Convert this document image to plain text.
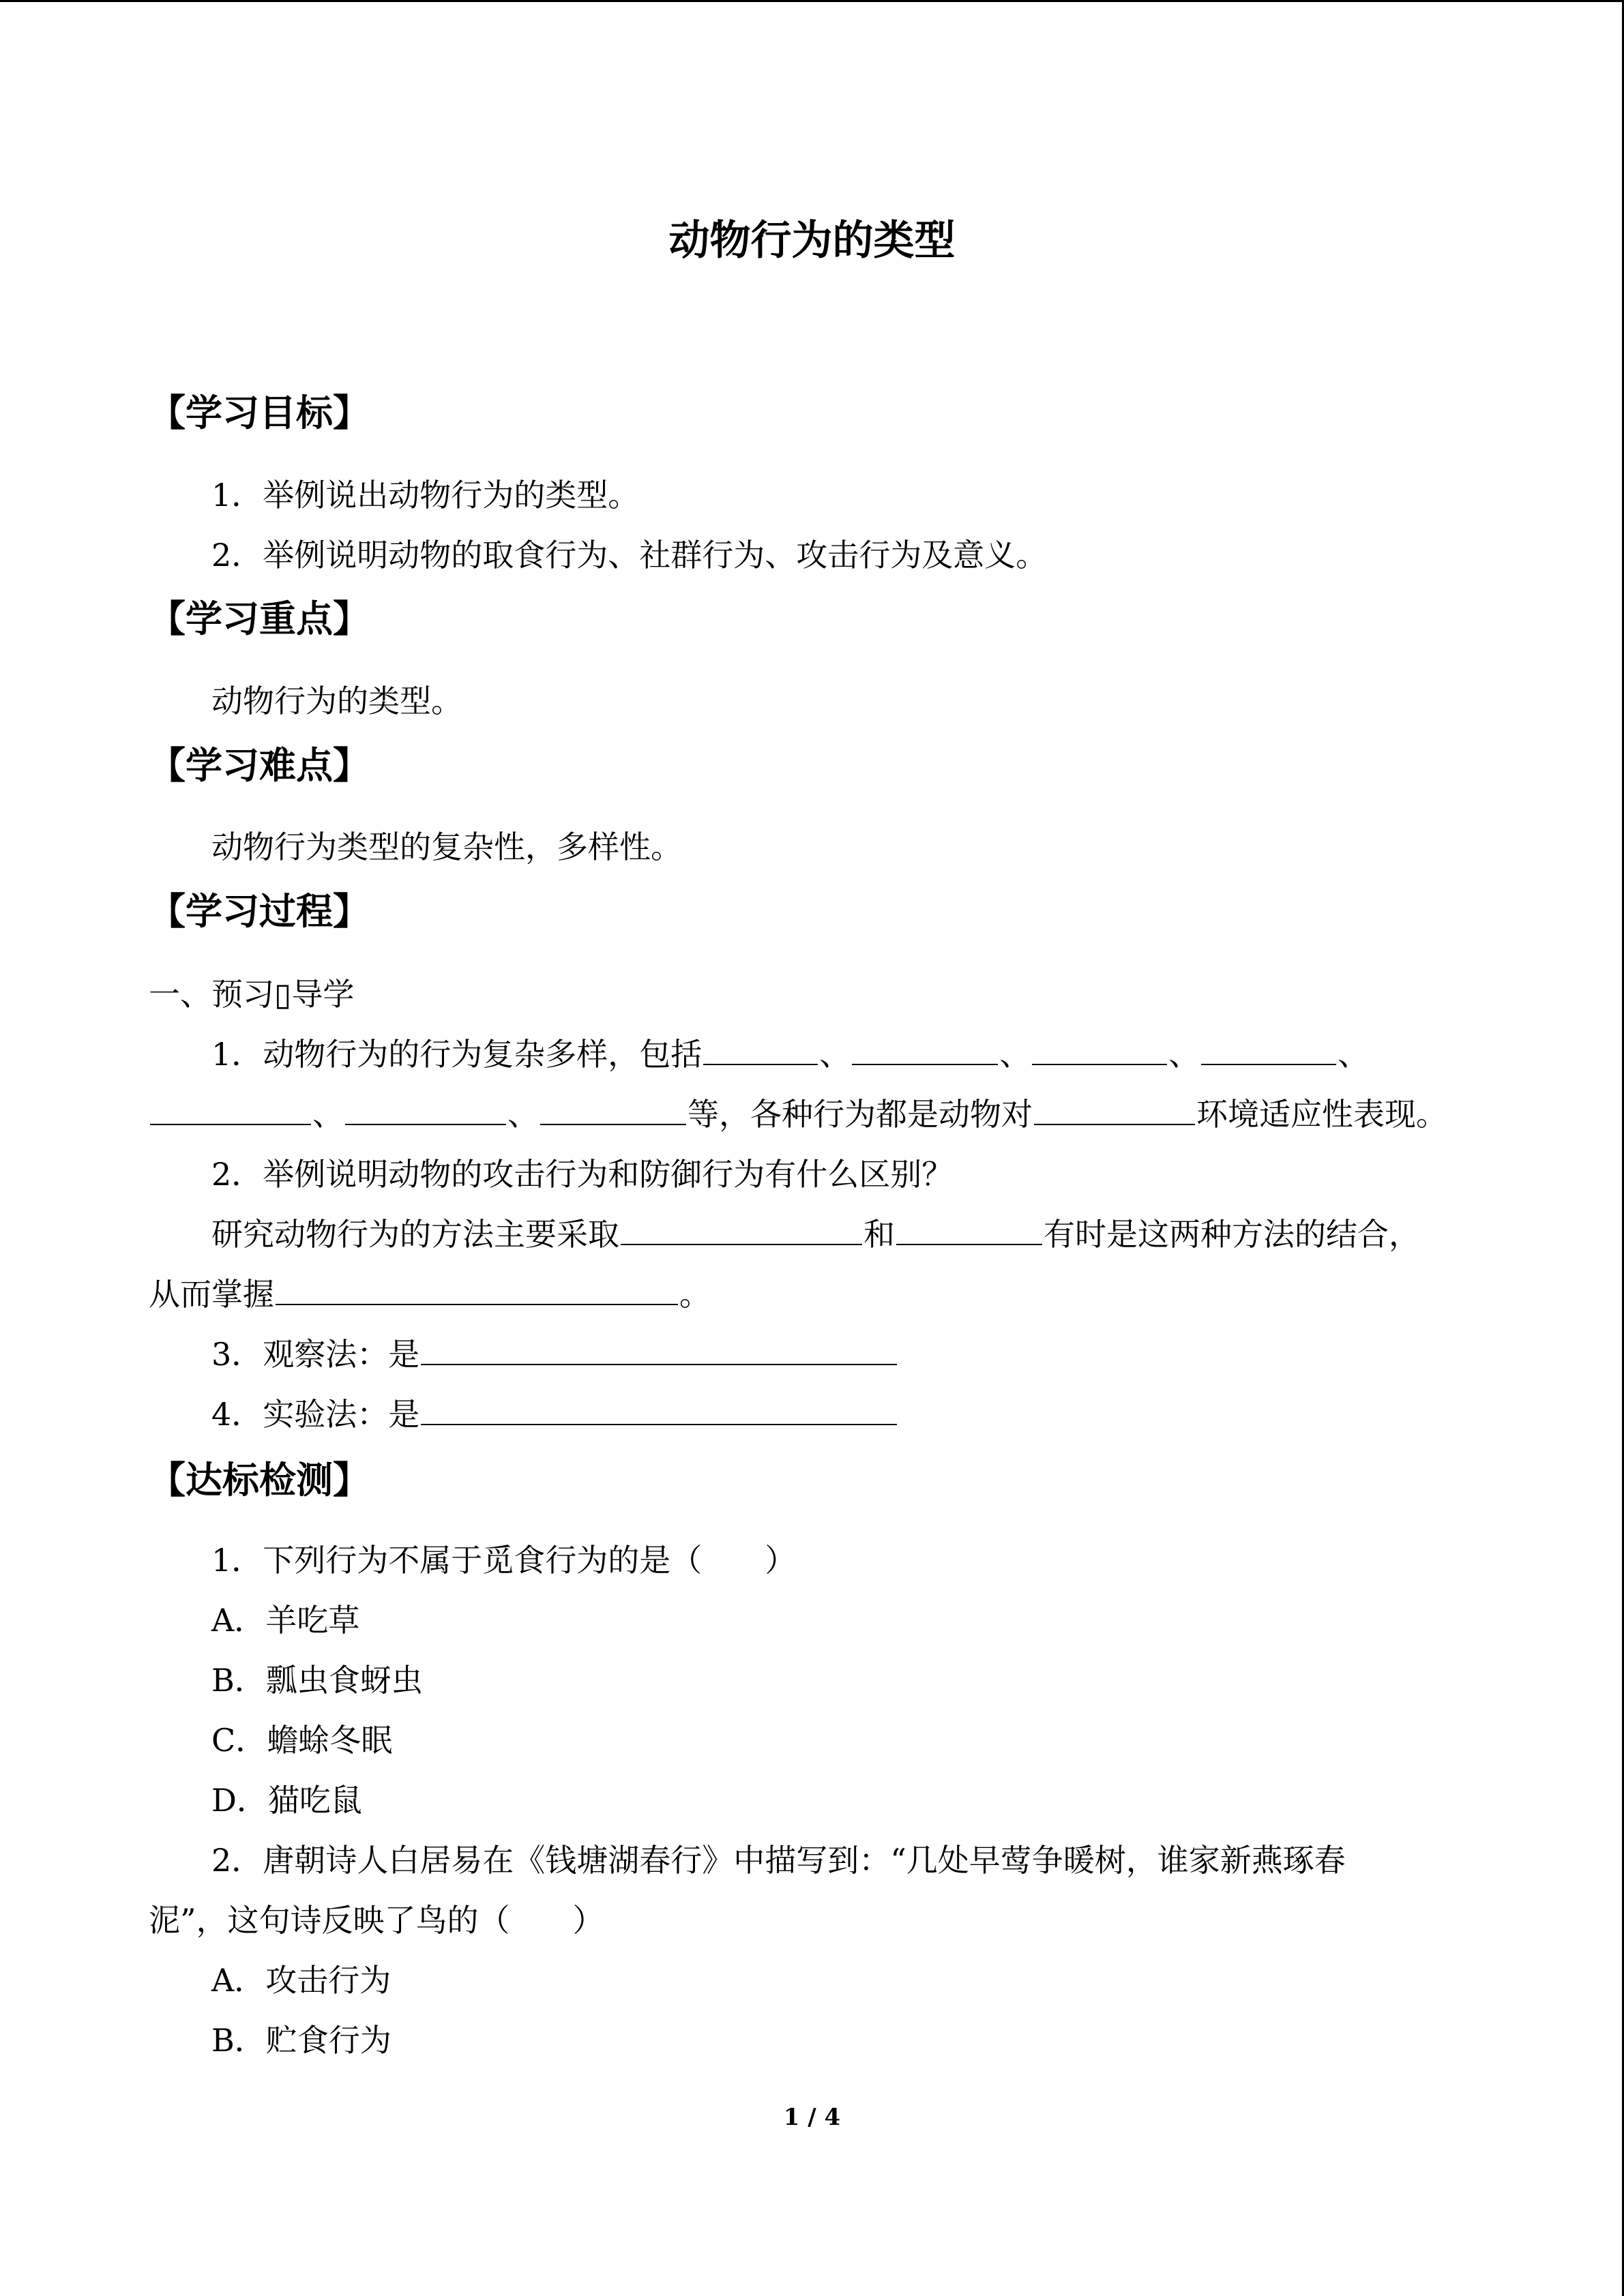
动物行为的类型
【学习目标】
1．举例说出动物行为的类型。
2．举例说明动物的取食行为、社群行为、攻击行为及意义。
【学习重点】
动物行为的类型。
【学习难点】
动物行为类型的复杂性，多样性。
【学习过程】
一、预习▯导学
1．动物行为的行为复杂多样，包括	、	、	、	、
、	、	等，各种行为都是动物对	环境适应性表现。
2．举例说明动物的攻击行为和防御行为有什么区别？
研究动物行为的方法主要采取	和	有时是这两种方法的结合，
从而掌握	。
3．观察法：是
4．实验法：是
【达标检测】
1．下列行为不属于觅食行为的是（　　）
A．羊吃草
B．瓢虫食蚜虫
C．蟾蜍冬眠
D．猫吃鼠
2．唐朝诗人白居易在《钱塘湖春行》中描写到：“几处早莺争暖树，谁家新燕琢春
泥”，这句诗反映了鸟的（　　）
A．攻击行为
B．贮食行为
1 / 4
